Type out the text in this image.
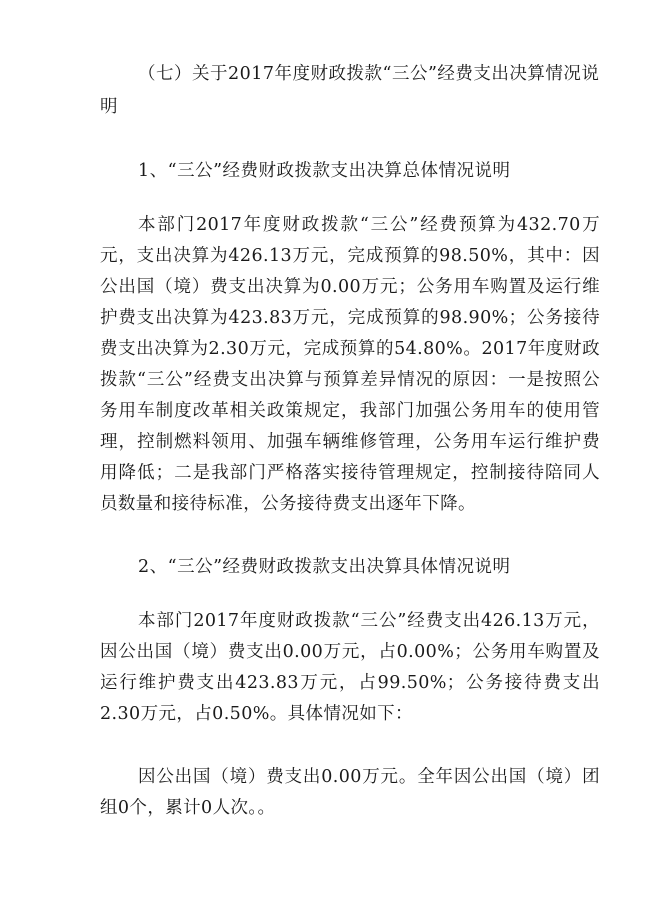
（七）关于2017年度财政拨款“三公”经费支出决算情况说明

1、“三公”经费财政拨款支出决算总体情况说明

本部门2017年度财政拨款“三公”经费预算为432.70万元，支出决算为426.13万元，完成预算的98.50%，其中：因公出国（境）费支出决算为0.00万元；公务用车购置及运行维护费支出决算为423.83万元，完成预算的98.90%；公务接待费支出决算为2.30万元，完成预算的54.80%。2017年度财政拨款“三公”经费支出决算与预算差异情况的原因：一是按照公务用车制度改革相关政策规定，我部门加强公务用车的使用管理，控制燃料领用、加强车辆维修管理，公务用车运行维护费用降低；二是我部门严格落实接待管理规定，控制接待陪同人员数量和接待标准，公务接待费支出逐年下降。

2、“三公”经费财政拨款支出决算具体情况说明

本部门2017年度财政拨款“三公”经费支出426.13万元，因公出国（境）费支出0.00万元，占0.00%；公务用车购置及运行维护费支出423.83万元，占99.50%；公务接待费支出2.30万元，占0.50%。具体情况如下：

因公出国（境）费支出0.00万元。全年因公出国（境）团组0个，累计0人次。。
